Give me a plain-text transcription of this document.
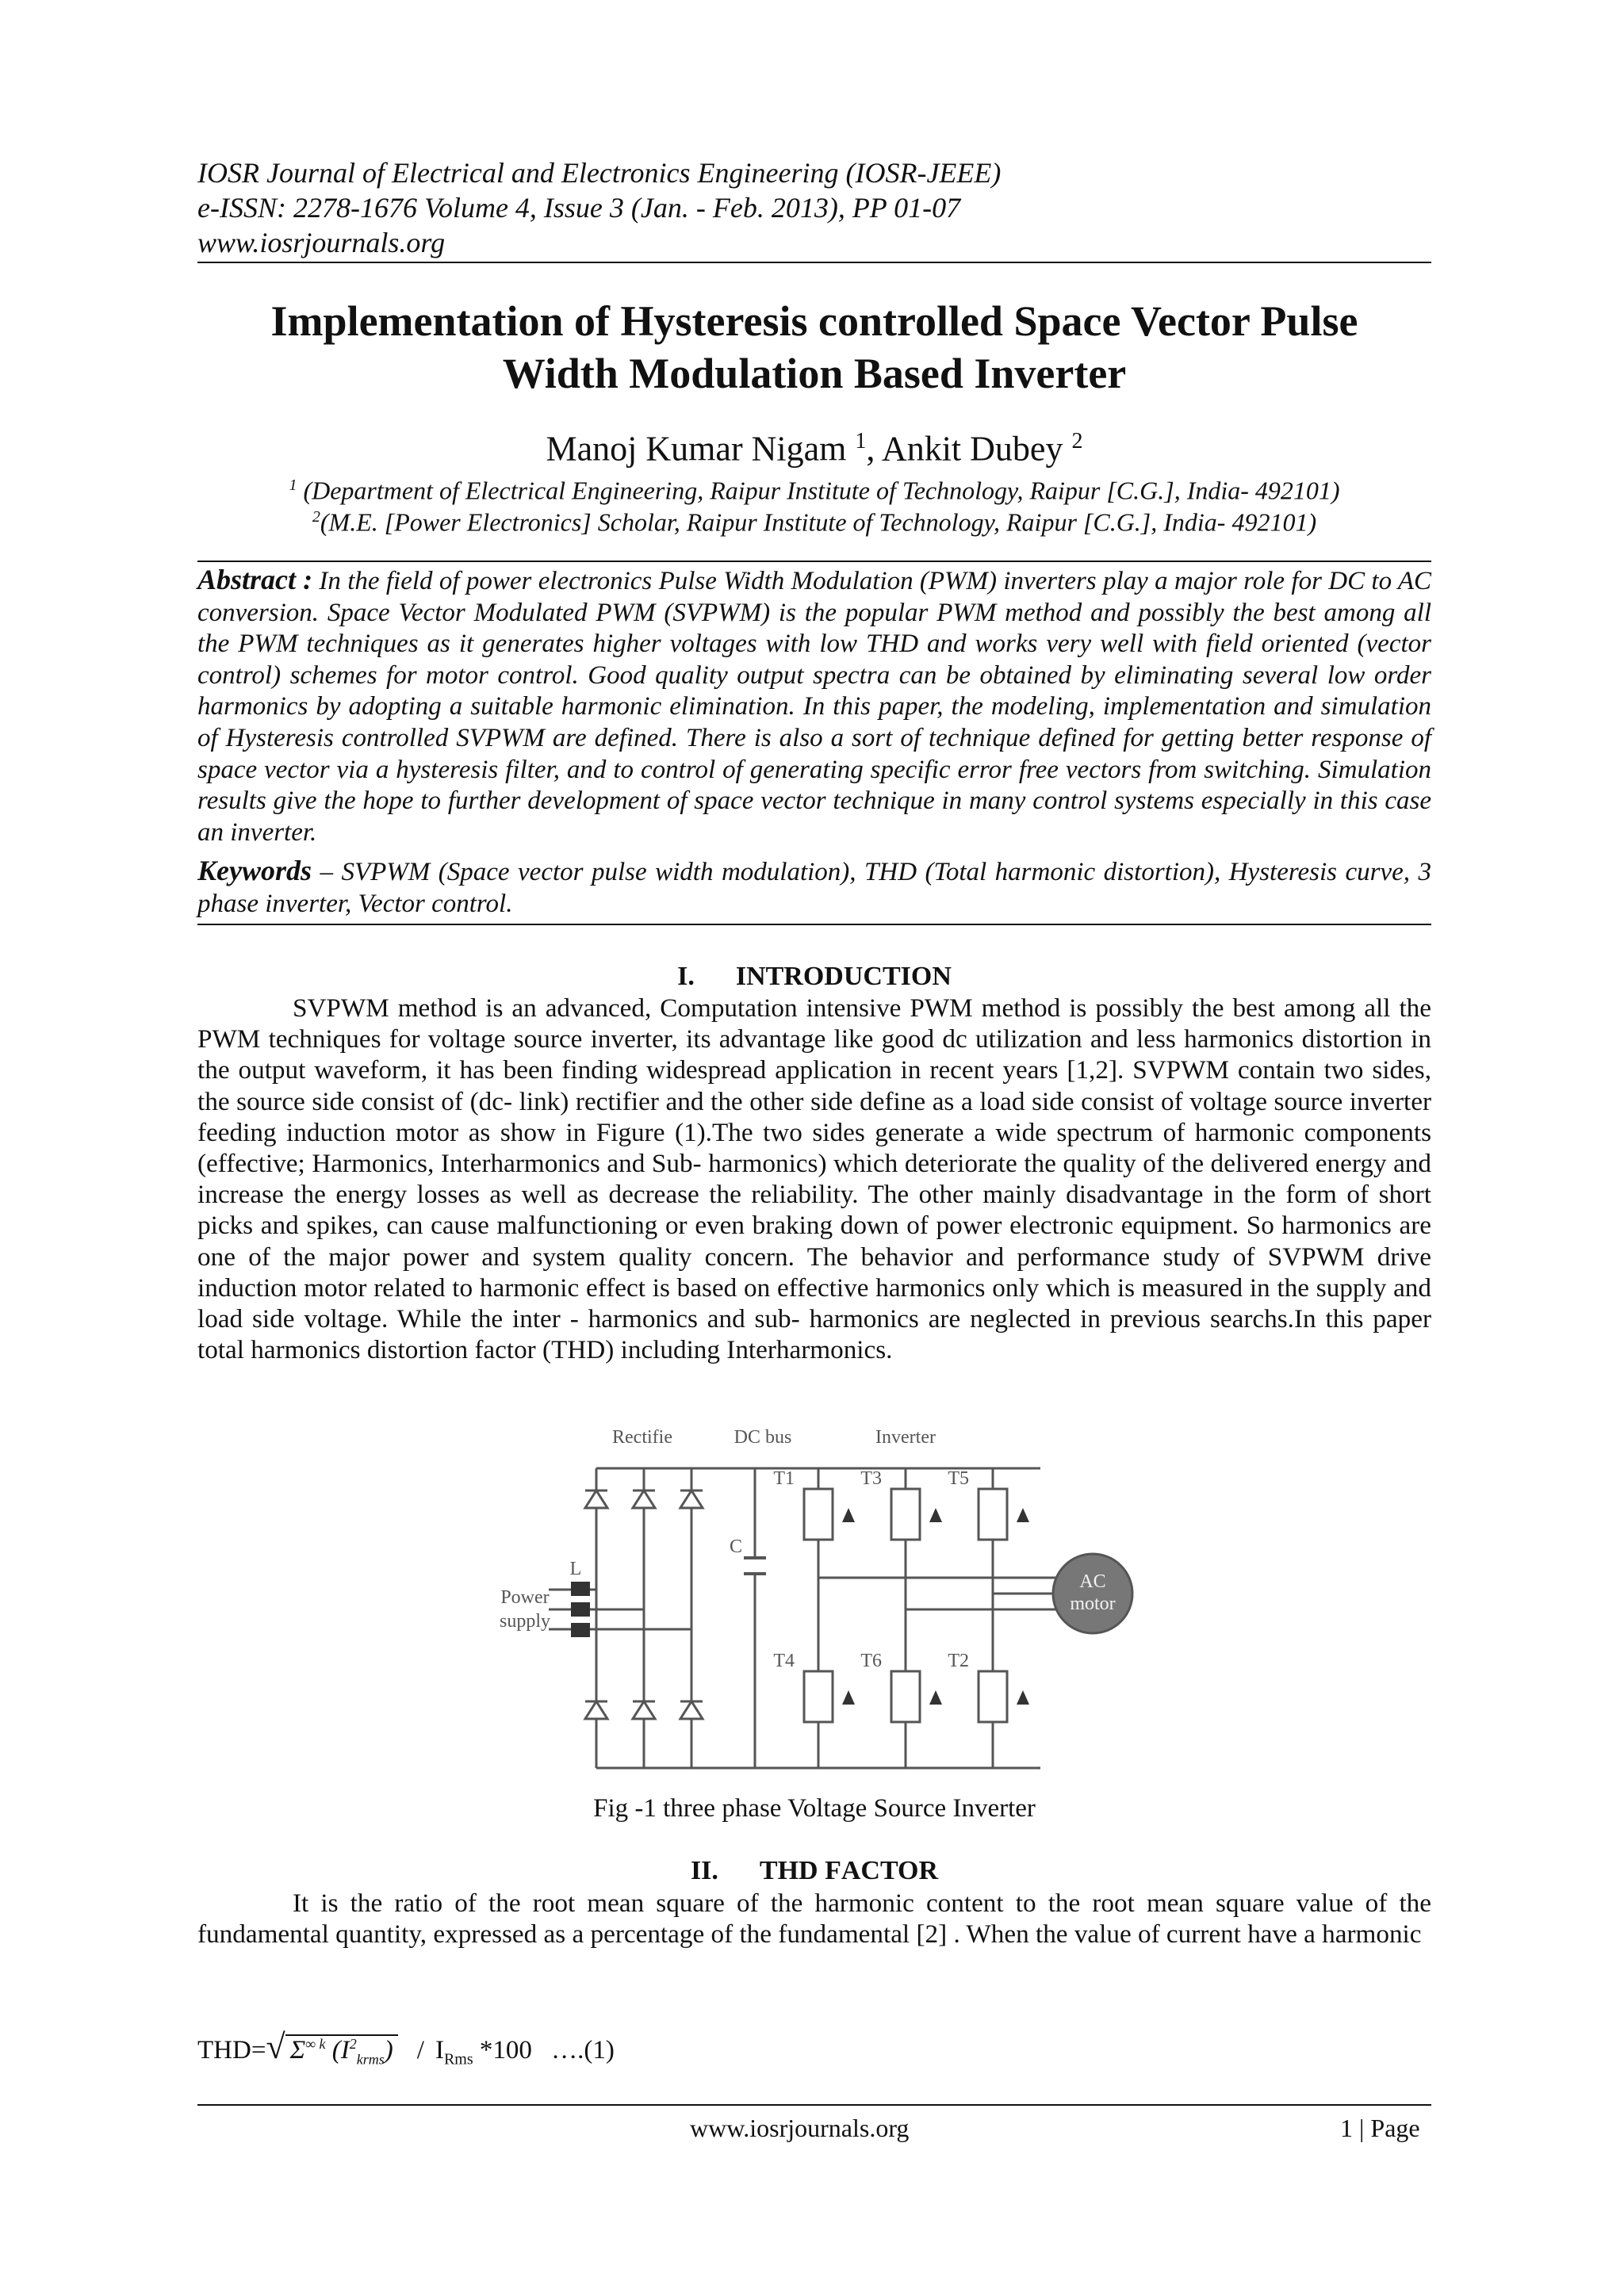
IOSR Journal of Electrical and Electronics Engineering (IOSR-JEEE)
e-ISSN: 2278-1676 Volume 4, Issue 3 (Jan. - Feb. 2013), PP 01-07
www.iosrjournals.org
Implementation of Hysteresis controlled Space Vector Pulse
Width Modulation Based Inverter
Manoj Kumar Nigam $^1$, Ankit Dubey $^2$
$^1$ (Department of Electrical Engineering, Raipur Institute of Technology, Raipur [C.G.], India- 492101)
$^2$(M.E. [Power Electronics] Scholar, Raipur Institute of Technology, Raipur [C.G.], India- 492101)
Abstract : In the field of power electronics Pulse Width Modulation (PWM) inverters play a major role for DC to AC conversion. Space Vector Modulated PWM (SVPWM) is the popular PWM method and possibly the best among all the PWM techniques as it generates higher voltages with low THD and works very well with field oriented (vector control) schemes for motor control. Good quality output spectra can be obtained by eliminating several low order harmonics by adopting a suitable harmonic elimination. In this paper, the modeling, implementation and simulation of Hysteresis controlled SVPWM are defined. There is also a sort of technique defined for getting better response of space vector via a hysteresis filter, and to control of generating specific error free vectors from switching. Simulation results give the hope to further development of space vector technique in many control systems especially in this case an inverter.
Keywords – SVPWM (Space vector pulse width modulation), THD (Total harmonic distortion), Hysteresis curve, 3 phase inverter, Vector control.
I. INTRODUCTION
SVPWM method is an advanced, Computation intensive PWM method is possibly the best among all the PWM techniques for voltage source inverter, its advantage like good dc utilization and less harmonics distortion in the output waveform, it has been finding widespread application in recent years [1,2]. SVPWM contain two sides, the source side consist of (dc- link) rectifier and the other side define as a load side consist of voltage source inverter feeding induction motor as show in Figure (1).The two sides generate a wide spectrum of harmonic components (effective; Harmonics, Interharmonics and Sub- harmonics) which deteriorate the quality of the delivered energy and increase the energy losses as well as decrease the reliability. The other mainly disadvantage in the form of short picks and spikes, can cause malfunctioning or even braking down of power electronic equipment. So harmonics are one of the major power and system quality concern. The behavior and performance study of SVPWM drive induction motor related to harmonic effect is based on effective harmonics only which is measured in the supply and load side voltage. While the inter - harmonics and sub- harmonics are neglected in previous searchs.In this paper total harmonics distortion factor (THD) including Interharmonics.
Rectifie	DC bus	Inverter
L
C
Power
supply
AC
motor
T1	T3	T5
T4	T6	T2
Fig -1 three phase Voltage Source Inverter
II. THD FACTOR
It is the ratio of the root mean square of the harmonic content to the root mean square value of the fundamental quantity, expressed as a percentage of the fundamental [2] . When the value of current have a harmonic
THD=√ $\Sigma^{\infty k}$ $(I^2_{krms}) / I_{Rms}$ *100 ….(1)
www.iosrjournals.org	1 | Page
